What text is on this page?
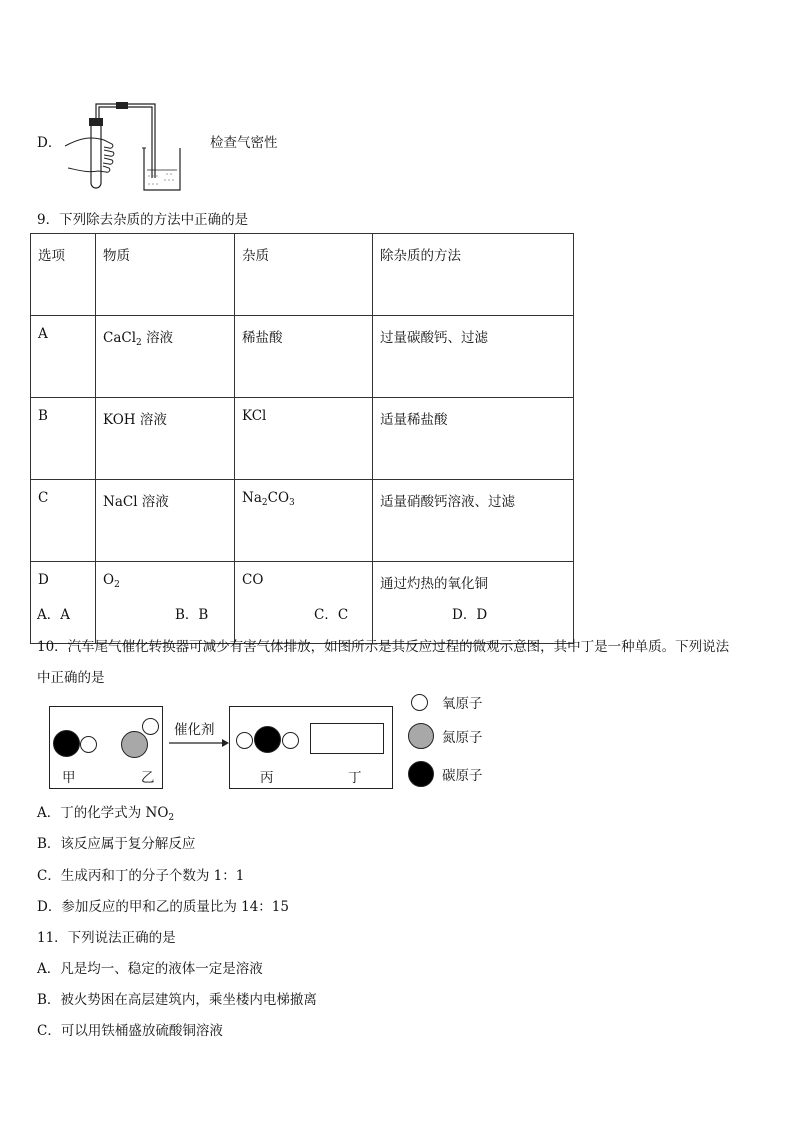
D．	检查气密性
9．下列除去杂质的方法中正确的是
选项	物质	杂质	除杂质的方法
A	CaCl$_2$ 溶液	稀盐酸	过量碳酸钙、过滤
B	KOH 溶液	KCl	适量稀盐酸
C	NaCl 溶液	$Na_2CO_3$	适量硝酸钙溶液、过滤
D	$O_2$	CO	通过灼热的氧化铜
A．A	B．B	C．C	D．D
10．汽车尾气催化转换器可减少有害气体排放，如图所示是其反应过程的微观示意图，其中丁是一种单质。下列说法
中正确的是
甲	乙
催化剂
丙	丁
氧原子
氮原子
碳原子
A．丁的化学式为 $NO_2$
B．该反应属于复分解反应
C．生成丙和丁的分子个数为 1：1
D．参加反应的甲和乙的质量比为 14：15
11．下列说法正确的是
A．凡是均一、稳定的液体一定是溶液
B．被火势困在高层建筑内，乘坐楼内电梯撤离
C．可以用铁桶盛放硫酸铜溶液
